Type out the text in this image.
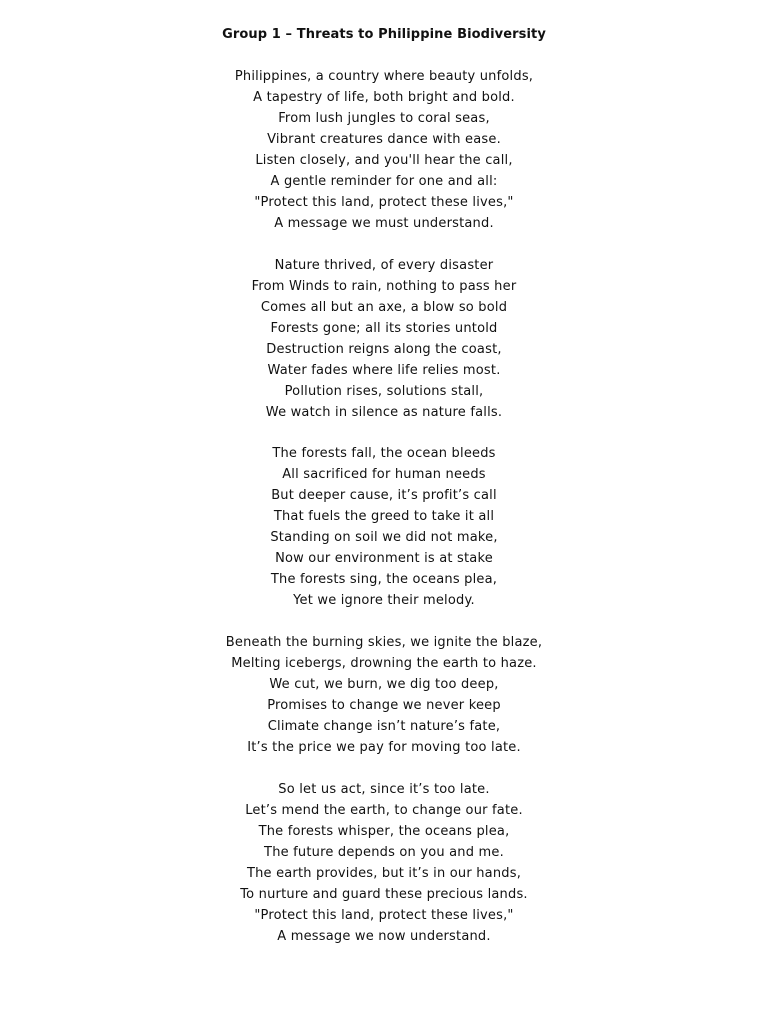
Group 1 – Threats to Philippine Biodiversity
Philippines, a country where beauty unfolds,
A tapestry of life, both bright and bold.
From lush jungles to coral seas,
Vibrant creatures dance with ease.
Listen closely, and you'll hear the call,
A gentle reminder for one and all:
"Protect this land, protect these lives,"
A message we must understand.
Nature thrived, of every disaster
From Winds to rain, nothing to pass her
Comes all but an axe, a blow so bold
Forests gone; all its stories untold
Destruction reigns along the coast,
Water fades where life relies most.
Pollution rises, solutions stall,
We watch in silence as nature falls.
The forests fall, the ocean bleeds
All sacrificed for human needs
But deeper cause, it’s profit’s call
That fuels the greed to take it all
Standing on soil we did not make,
Now our environment is at stake
The forests sing, the oceans plea,
Yet we ignore their melody.
Beneath the burning skies, we ignite the blaze,
Melting icebergs, drowning the earth to haze.
We cut, we burn, we dig too deep,
Promises to change we never keep
Climate change isn’t nature’s fate,
It’s the price we pay for moving too late.
So let us act, since it’s too late.
Let’s mend the earth, to change our fate.
The forests whisper, the oceans plea,
The future depends on you and me.
The earth provides, but it’s in our hands,
To nurture and guard these precious lands.
"Protect this land, protect these lives,"
A message we now understand.
